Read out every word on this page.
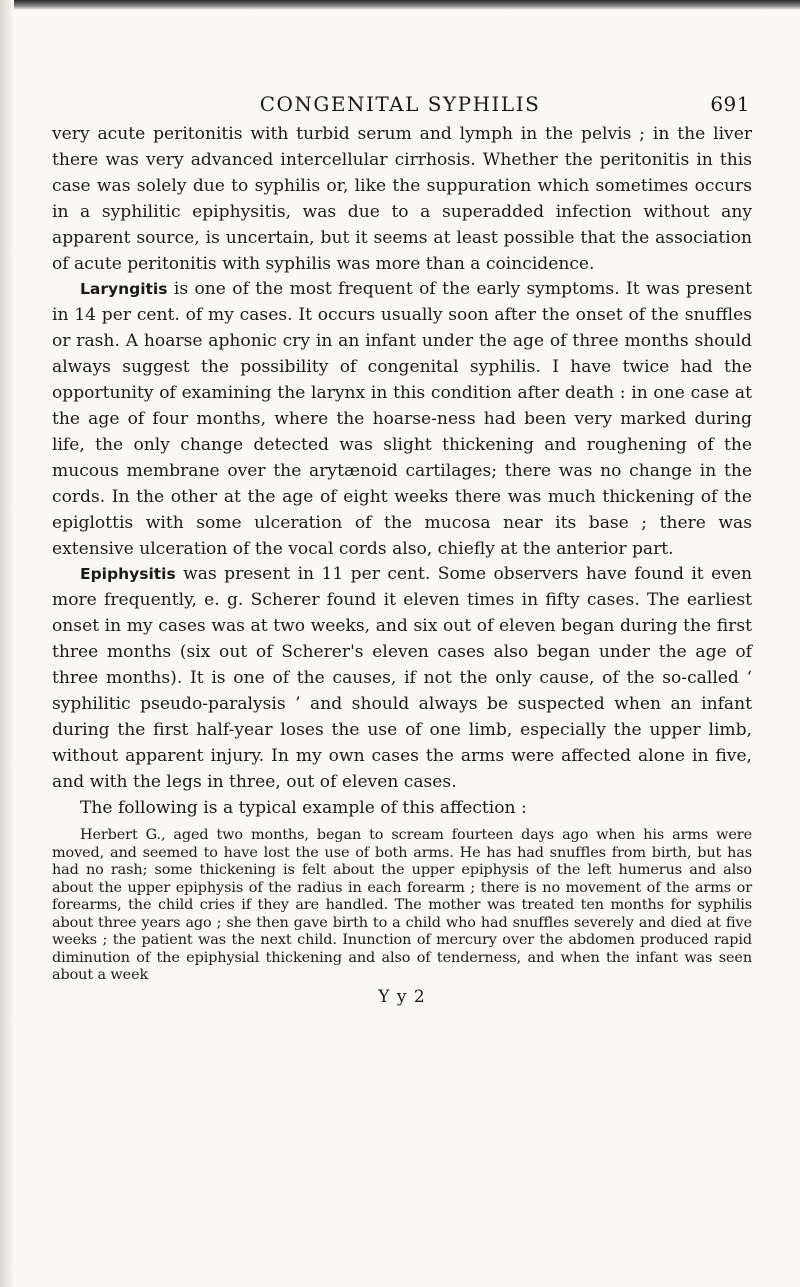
CONGENITAL SYPHILIS	691

very acute peritonitis with turbid serum and lymph in the pelvis ; in the liver there was very advanced intercellular cirrhosis. Whether the peritonitis in this case was solely due to syphilis or, like the suppuration which sometimes occurs in a syphilitic epiphysitis, was due to a superadded infection without any apparent source, is uncertain, but it seems at least possible that the association of acute peritonitis with syphilis was more than a coincidence.

Laryngitis is one of the most frequent of the early symptoms. It was present in 14 per cent. of my cases. It occurs usually soon after the onset of the snuffles or rash. A hoarse aphonic cry in an infant under the age of three months should always suggest the possibility of congenital syphilis. I have twice had the opportunity of examining the larynx in this condition after death : in one case at the age of four months, where the hoarse-ness had been very marked during life, the only change detected was slight thickening and roughening of the mucous membrane over the arytænoid cartilages; there was no change in the cords. In the other at the age of eight weeks there was much thickening of the epiglottis with some ulceration of the mucosa near its base ; there was extensive ulceration of the vocal cords also, chiefly at the anterior part.

Epiphysitis was present in 11 per cent. Some observers have found it even more frequently, e. g. Scherer found it eleven times in fifty cases. The earliest onset in my cases was at two weeks, and six out of eleven began during the first three months (six out of Scherer's eleven cases also began under the age of three months). It is one of the causes, if not the only cause, of the so-called ‘ syphilitic pseudo-paralysis ’ and should always be suspected when an infant during the first half-year loses the use of one limb, especially the upper limb, without apparent injury. In my own cases the arms were affected alone in five, and with the legs in three, out of eleven cases.

The following is a typical example of this affection :

Herbert G., aged two months, began to scream fourteen days ago when his arms were moved, and seemed to have lost the use of both arms. He has had snuffles from birth, but has had no rash; some thickening is felt about the upper epiphysis of the left humerus and also about the upper epiphysis of the radius in each forearm ; there is no movement of the arms or forearms, the child cries if they are handled. The mother was treated ten months for syphilis about three years ago ; she then gave birth to a child who had snuffles severely and died at five weeks ; the patient was the next child. Inunction of mercury over the abdomen produced rapid diminution of the epiphysial thickening and also of tenderness, and when the infant was seen about a week

Y y 2
